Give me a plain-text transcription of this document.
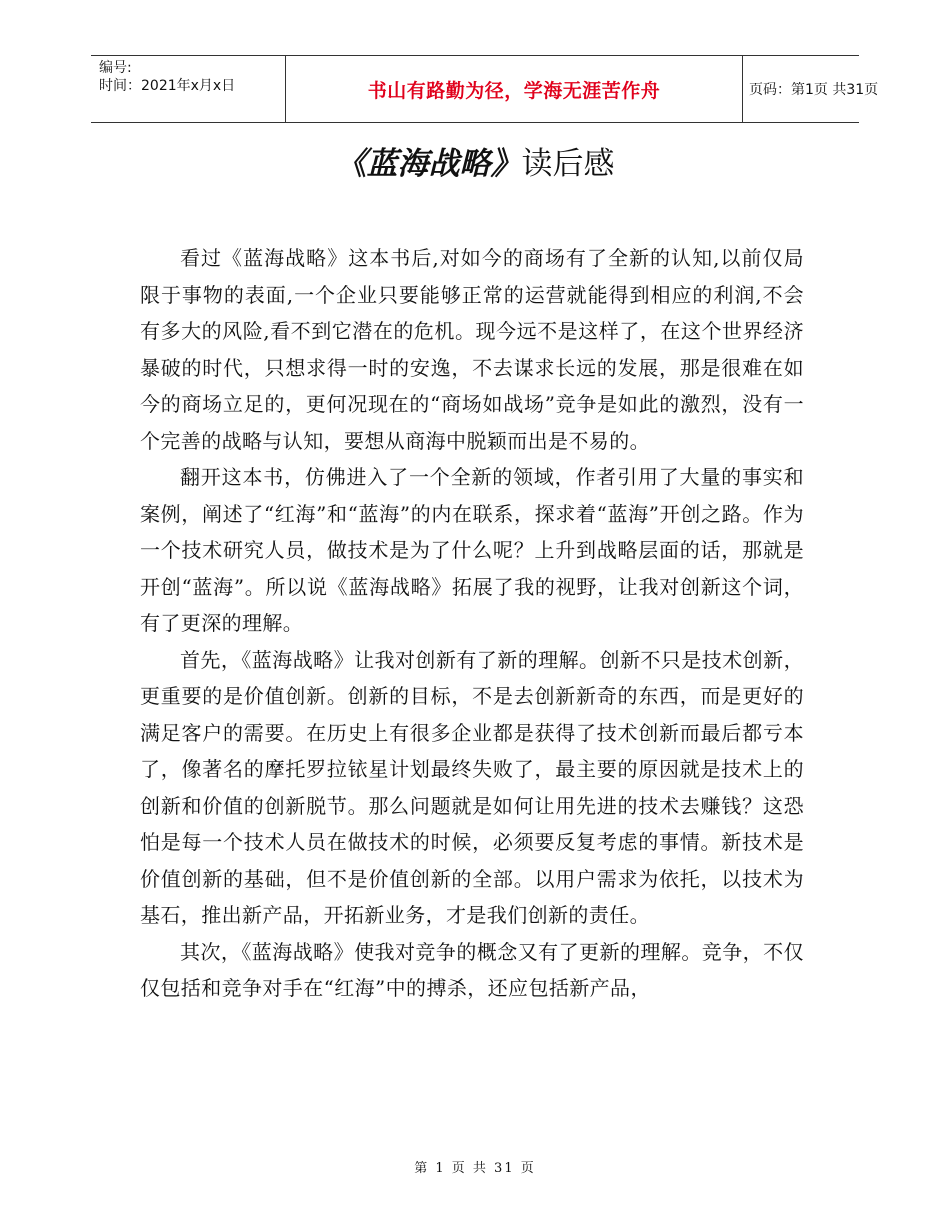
编号:
时间：2021年x月x日	书山有路勤为径，学海无涯苦作舟	页码：第1页 共31页
《蓝海战略》读后感

看过《蓝海战略》这本书后,对如今的商场有了全新的认知,以前仅局限于事物的表面,一个企业只要能够正常的运营就能得到相应的利润,不会有多大的风险,看不到它潜在的危机。现今远不是这样了，在这个世界经济暴破的时代，只想求得一时的安逸，不去谋求长远的发展，那是很难在如今的商场立足的，更何况现在的“商场如战场”竞争是如此的激烈，没有一个完善的战略与认知，要想从商海中脱颖而出是不易的。

翻开这本书，仿佛进入了一个全新的领域，作者引用了大量的事实和案例，阐述了“红海”和“蓝海”的内在联系，探求着“蓝海”开创之路。作为一个技术研究人员，做技术是为了什么呢？上升到战略层面的话，那就是开创“蓝海”。所以说《蓝海战略》拓展了我的视野，让我对创新这个词，有了更深的理解。

首先，《蓝海战略》让我对创新有了新的理解。创新不只是技术创新，更重要的是价值创新。创新的目标，不是去创新新奇的东西，而是更好的满足客户的需要。在历史上有很多企业都是获得了技术创新而最后都亏本了，像著名的摩托罗拉铱星计划最终失败了，最主要的原因就是技术上的创新和价值的创新脱节。那么问题就是如何让用先进的技术去赚钱？这恐怕是每一个技术人员在做技术的时候，必须要反复考虑的事情。新技术是价值创新的基础，但不是价值创新的全部。以用户需求为依托，以技术为基石，推出新产品，开拓新业务，才是我们创新的责任。

其次，《蓝海战略》使我对竞争的概念又有了更新的理解。竞争，不仅仅包括和竞争对手在“红海”中的搏杀，还应包括新产品，

第 1 页 共 31 页
